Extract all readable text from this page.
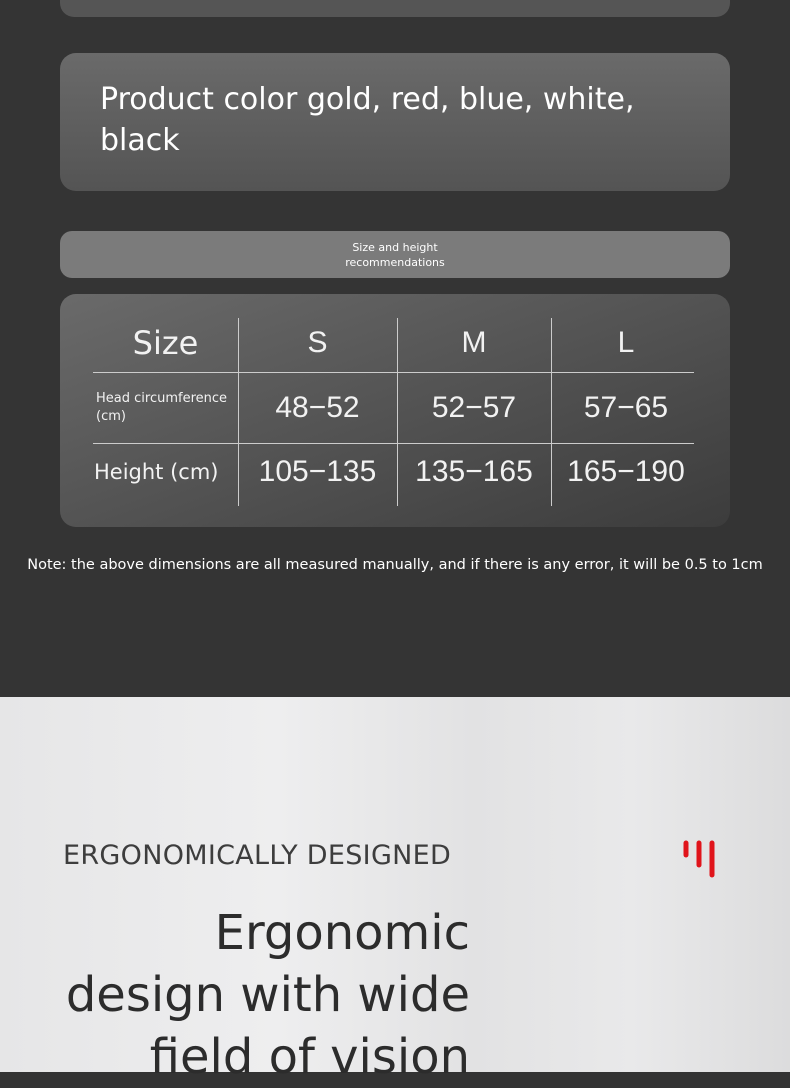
Product color gold, red, blue, white, black

Size and height
recommendations
Size	S	M	L
Head circumference (cm)	48−52	52−57	57−65
Height (cm)	105−135	135−165	165−190
Note: the above dimensions are all measured manually, and if there is any error, it will be 0.5 to 1cm
ERGONOMICALLY DESIGNED
Ergonomic
design with wide
field of vision
